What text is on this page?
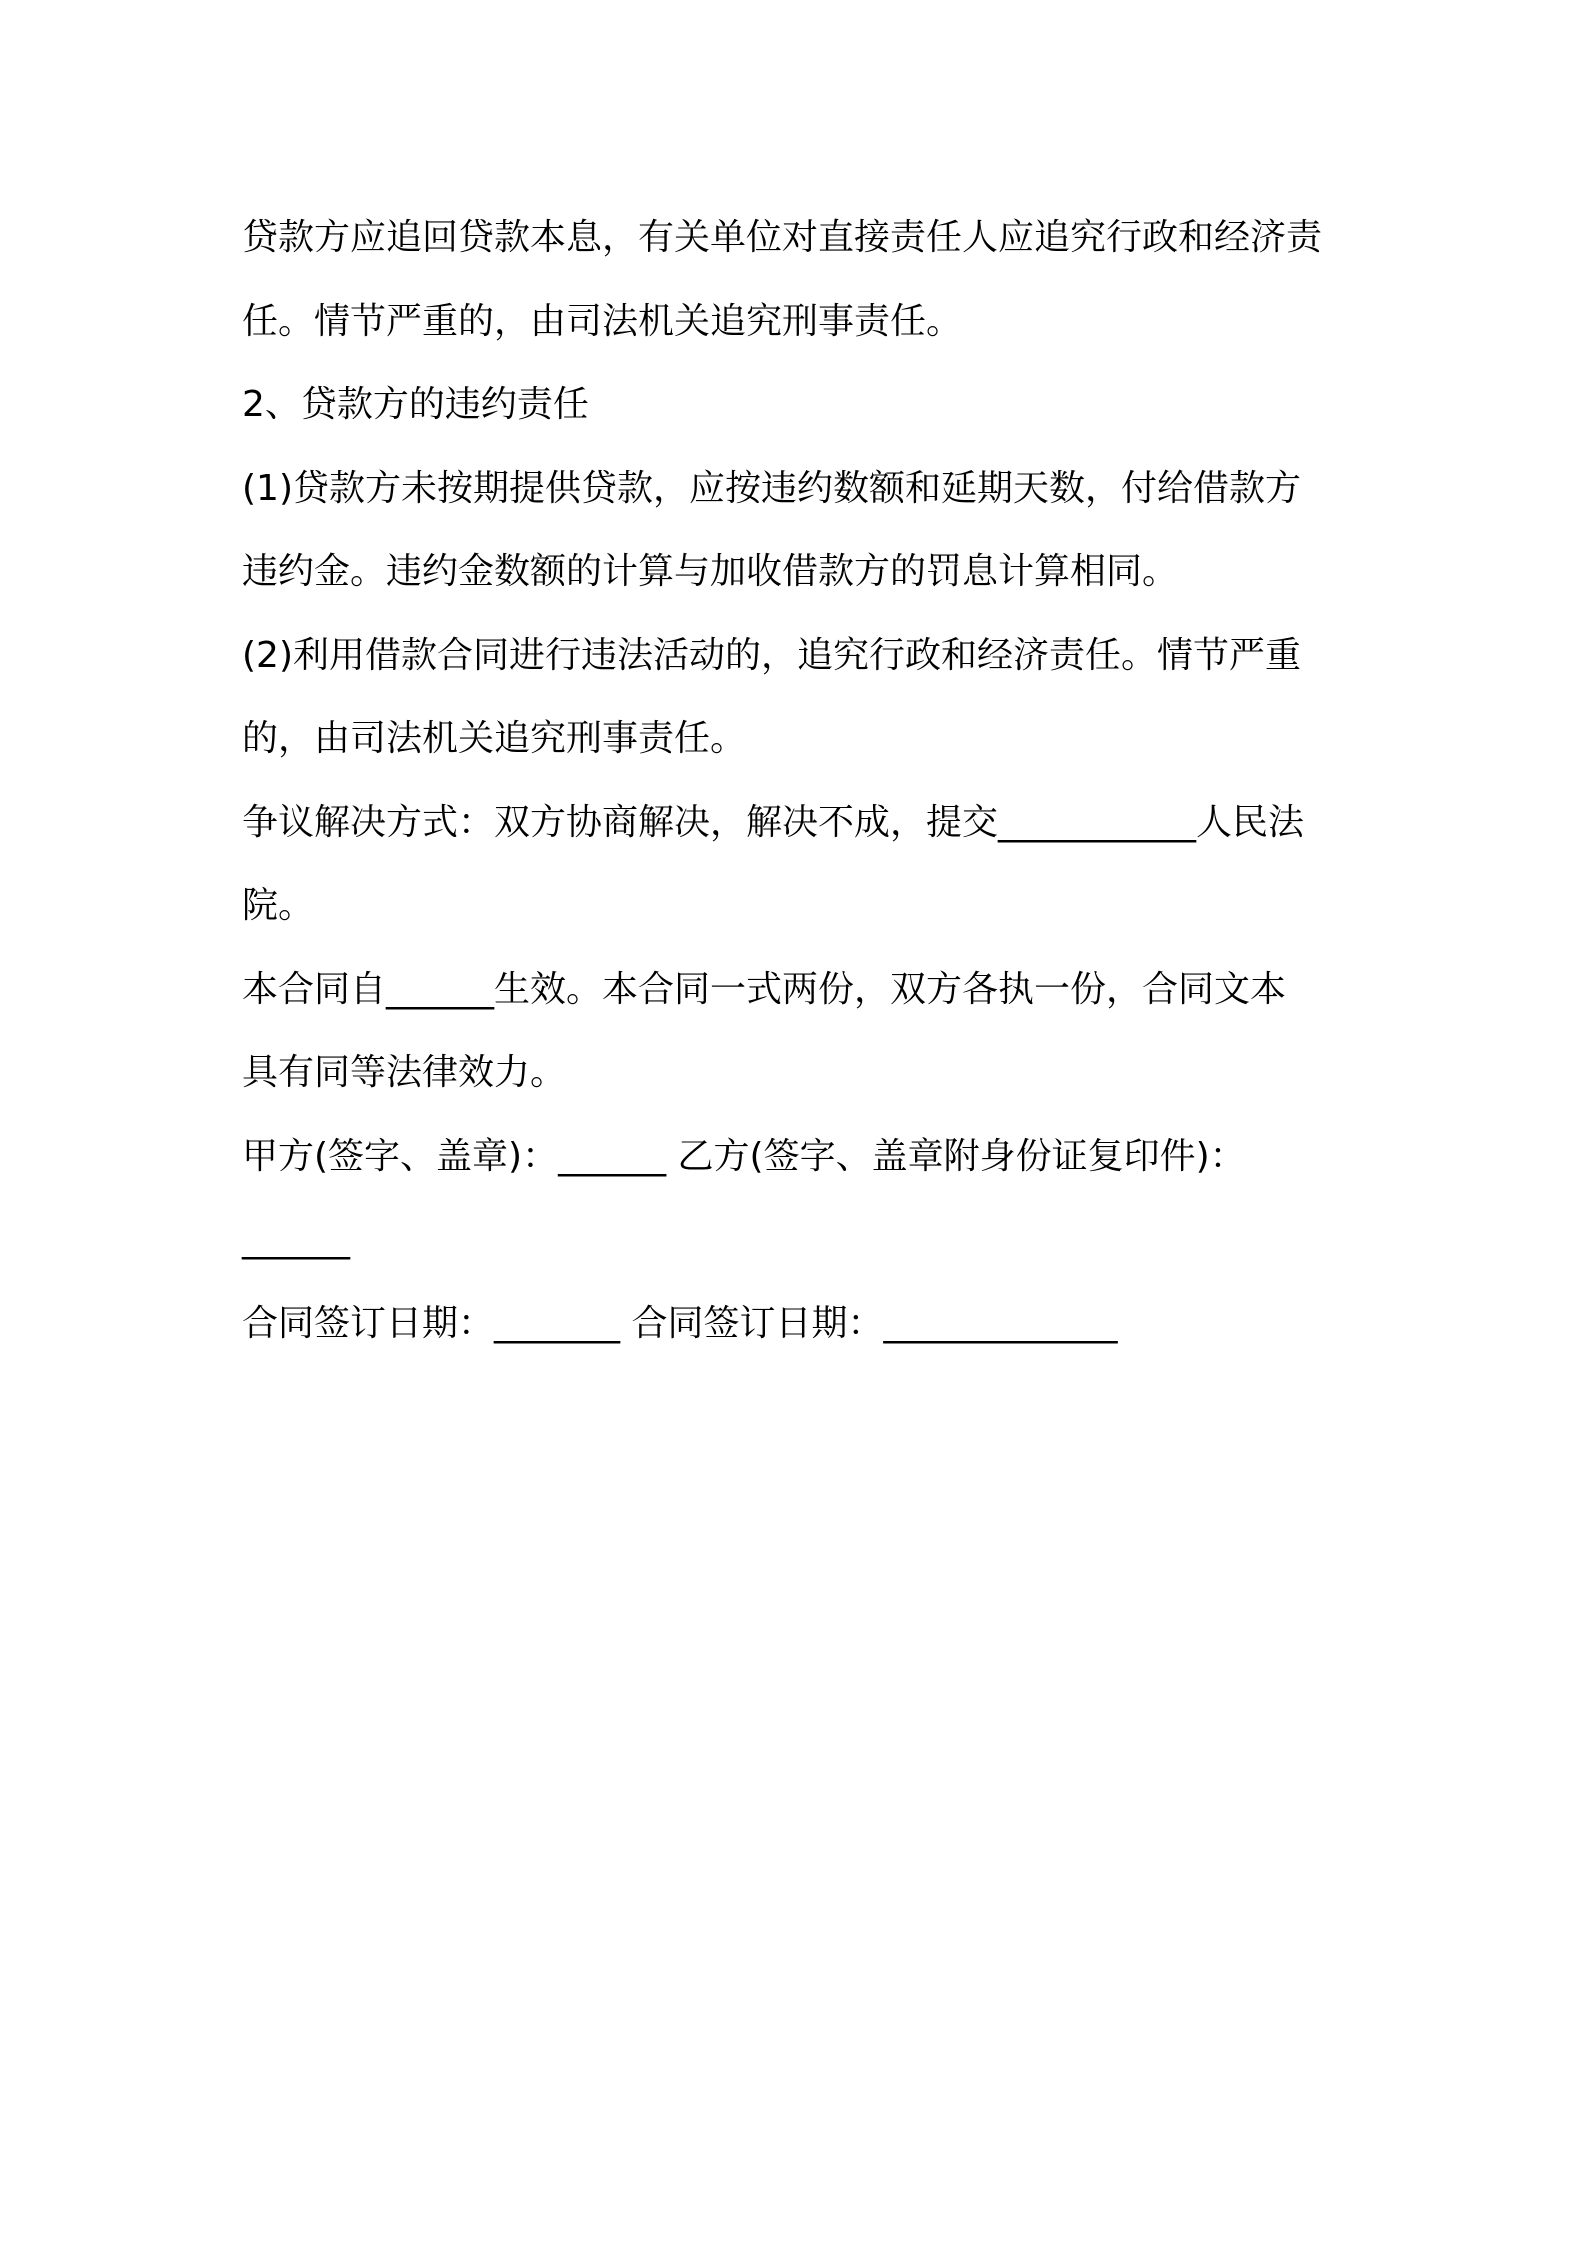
贷款方应追回贷款本息，有关单位对直接责任人应追究行政和经济责
任。情节严重的，由司法机关追究刑事责任。
2、贷款方的违约责任
(1)贷款方未按期提供贷款，应按违约数额和延期天数，付给借款方
违约金。违约金数额的计算与加收借款方的罚息计算相同。
(2)利用借款合同进行违法活动的，追究行政和经济责任。情节严重
的，由司法机关追究刑事责任。
争议解决方式：双方协商解决，解决不成，提交___________人民法
院。
本合同自______生效。本合同一式两份，双方各执一份，合同文本
具有同等法律效力。
甲方(签字、盖章)：______ 乙方(签字、盖章附身份证复印件)：
______
合同签订日期：_______ 合同签订日期：_____________
